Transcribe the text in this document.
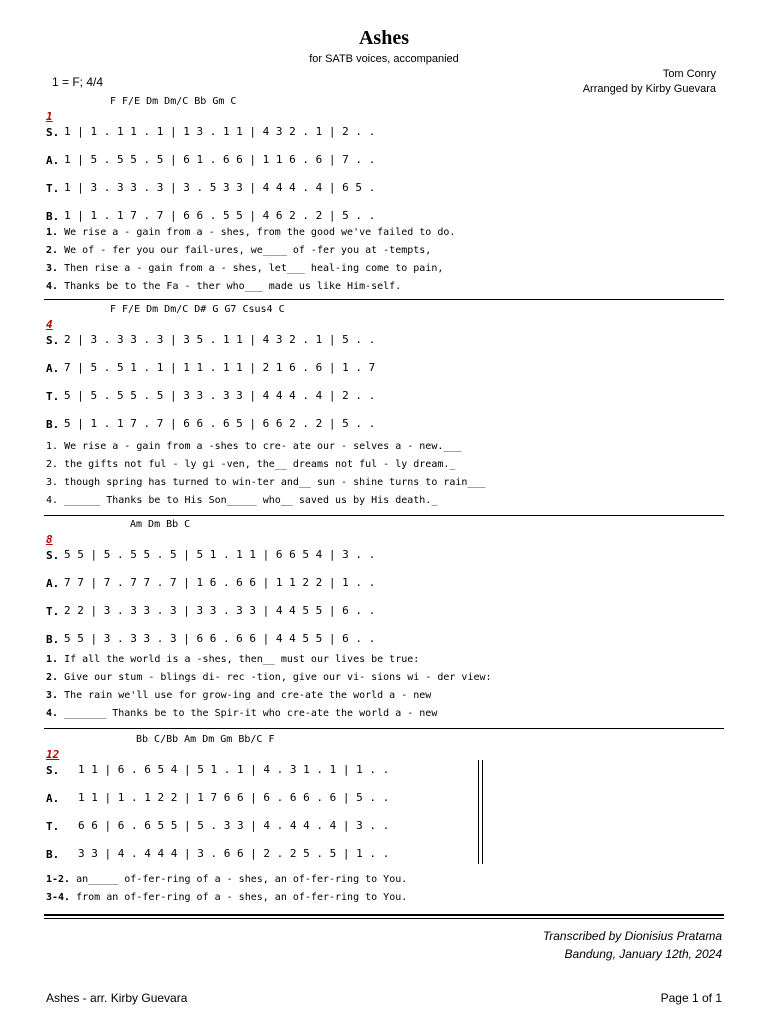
Ashes
for SATB voices, accompanied
1 = F; 4/4
Tom Conry
Arranged by Kirby Guevara
F F/E Dm Dm/C Bb Gm C
1
S.
A.
T.
B.
1 | 1 . 1 1 . 1 | 1 3 . 1 1 | 4 3 2 . 1 | 2 . .
1 | 5 . 5 5 . 5 | 6 1 . 6 6 | 1 1 6 . 6 | 7 . .
1 | 3 . 3 3 . 3 | 3 . 5 3 3 | 4 4 4 . 4 | 6 5 .
1 | 1 . 1 7 . 7 | 6 6 . 5 5 | 4 6 2 . 2 | 5 . .
1. We rise a - gain from a - shes, from the good we've failed to do.
2. We of - fer you our fail-ures, we____ of -fer you at -tempts,
3. Then rise a - gain from a - shes, let___ heal-ing come to pain,
4. Thanks be to the Fa - ther who___ made us like Him-self.
F F/E Dm Dm/C D# G G7 Csus4 C
4
S.
A.
T.
B.
2 | 3 . 3 3 . 3 | 3 5 . 1 1 | 4 3 2 . 1 | 5 . .
7 | 5 . 5 1 . 1 | 1 1 . 1 1 | 2 1 6 . 6 | 1 . 7
5 | 5 . 5 5 . 5 | 3 3 . 3 3 | 4 4 4 . 4 | 2 . .
5 | 1 . 1 7 . 7 | 6 6 . 6 5 | 6 6 2 . 2 | 5 . .
1. We rise a - gain from a -shes to cre- ate our - selves a - new.___
2. the gifts not ful - ly gi -ven, the__ dreams not ful - ly dream._
3. though spring has turned to win-ter and__ sun - shine turns to rain___
4. ______ Thanks be to His Son_____ who__ saved us by His death._
Am Dm Bb C
8
S.
A.
T.
B.
5 5 | 5 . 5 5 . 5 | 5 1 . 1 1 | 6 6 5 4 | 3 . .
7 7 | 7 . 7 7 . 7 | 1 6 . 6 6 | 1 1 2 2 | 1 . .
2 2 | 3 . 3 3 . 3 | 3 3 . 3 3 | 4 4 5 5 | 6 . .
5 5 | 3 . 3 3 . 3 | 6 6 . 6 6 | 4 4 5 5 | 6 . .
1. If all the world is a -shes, then__ must our lives be true:
2. Give our stum - blings di- rec -tion, give our vi- sions wi - der view:
3. The rain we'll use for grow-ing and cre-ate the world a - new
4. _______ Thanks be to the Spir-it who cre-ate the world a - new
Bb C/Bb Am Dm Gm Bb/C F
12
S.
A.
T.
B.
1 1 | 6 . 6 5 4 | 5 1 . 1 | 4 . 3 1 . 1 | 1 . .
1 1 | 1 . 1 2 2 | 1 7 6 6 | 6 . 6 6 . 6 | 5 . .
6 6 | 6 . 6 5 5 | 5 . 3 3 | 4 . 4 4 . 4 | 3 . .
3 3 | 4 . 4 4 4 | 3 . 6 6 | 2 . 2 5 . 5 | 1 . .
1-2. an_____ of-fer-ring of a - shes, an of-fer-ring to You.
3-4. from an of-fer-ring of a - shes, an of-fer-ring to You.
Transcribed by Dionisius Pratama
Bandung, January 12th, 2024
Ashes - arr. Kirby Guevara	Page 1 of 1
